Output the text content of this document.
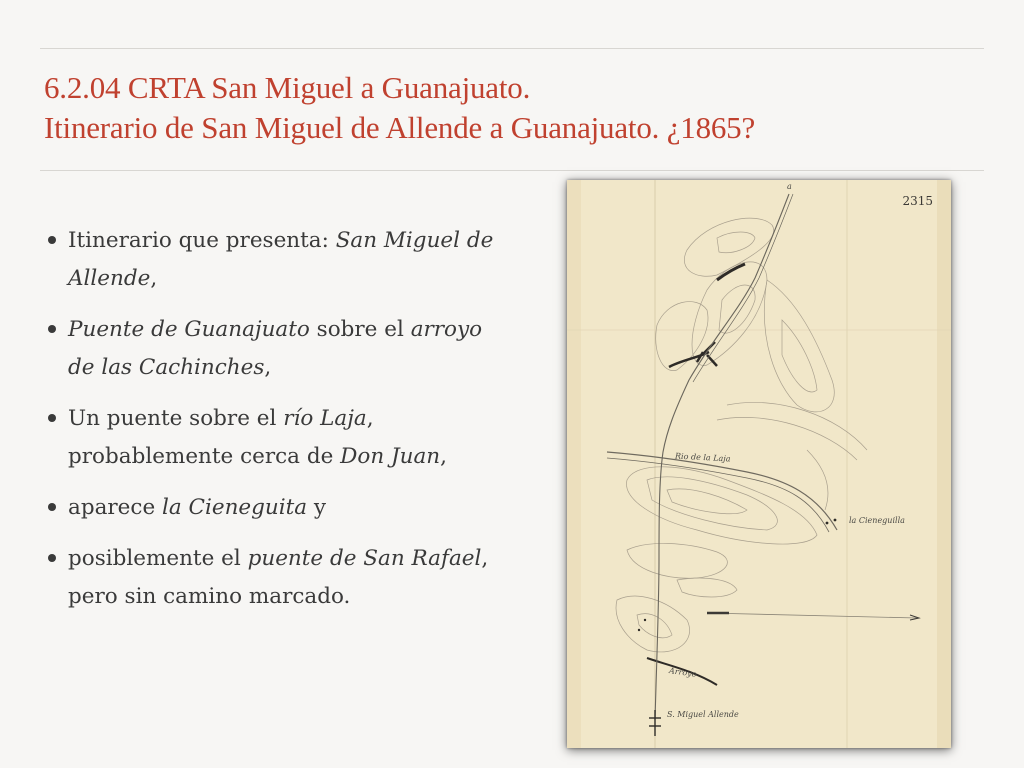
6.2.04 CRTA San Miguel a Guanajuato.
Itinerario de San Miguel de Allende a Guanajuato. ¿1865?
Itinerario que presenta: San Miguel de Allende,
Puente de Guanajuato sobre el arroyo de las Cachinches,
Un puente sobre el río Laja, probablemente cerca de Don Juan,
aparece la Cieneguita y
posiblemente el puente de San Rafael, pero sin camino marcado.
2315
a
Rio de la Laja
la Cieneguilla
Arroyo
S. Miguel Allende
